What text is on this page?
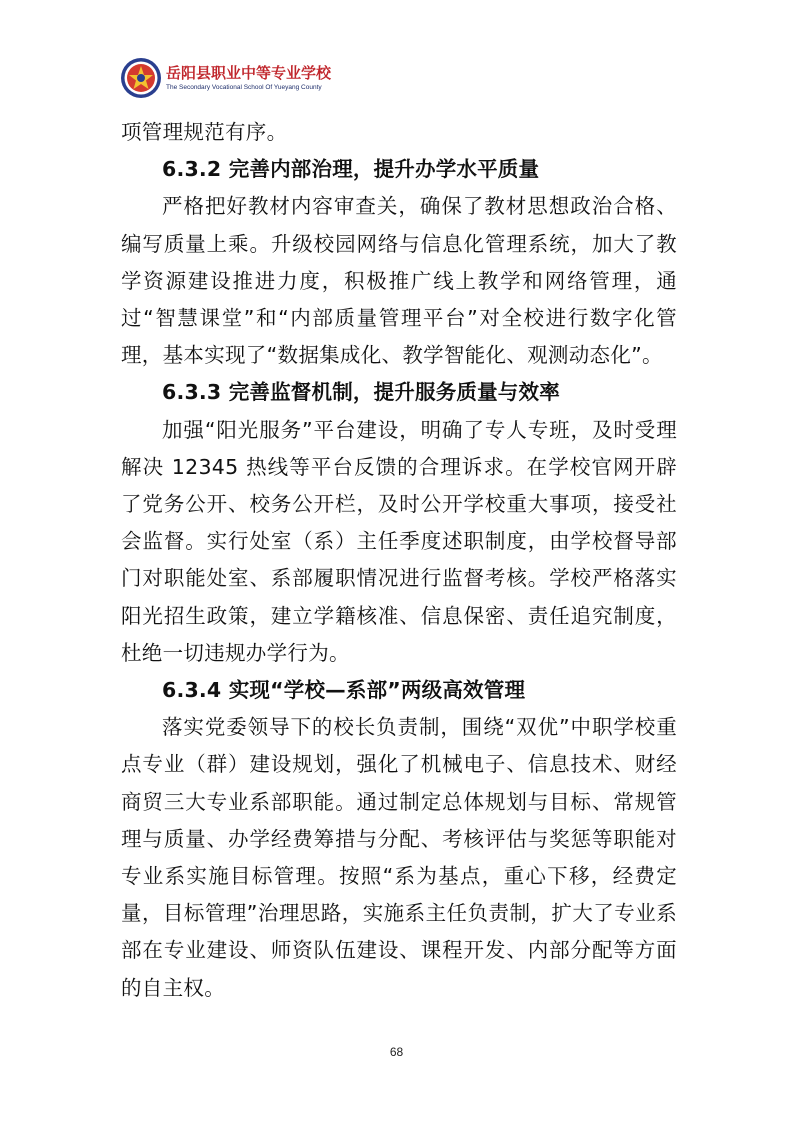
岳阳县职业中等专业学校
The Secondary Vocational School Of Yueyang County

项管理规范有序。

6.3.2 完善内部治理，提升办学水平质量

严格把好教材内容审查关，确保了教材思想政治合格、编写质量上乘。升级校园网络与信息化管理系统，加大了教学资源建设推进力度，积极推广线上教学和网络管理，通过“智慧课堂”和“内部质量管理平台”对全校进行数字化管理，基本实现了“数据集成化、教学智能化、观测动态化”。

6.3.3 完善监督机制，提升服务质量与效率

加强“阳光服务”平台建设，明确了专人专班，及时受理解决 12345 热线等平台反馈的合理诉求。在学校官网开辟了党务公开、校务公开栏，及时公开学校重大事项，接受社会监督。实行处室（系）主任季度述职制度，由学校督导部门对职能处室、系部履职情况进行监督考核。学校严格落实阳光招生政策，建立学籍核准、信息保密、责任追究制度，杜绝一切违规办学行为。

6.3.4 实现“学校—系部”两级高效管理

落实党委领导下的校长负责制，围绕“双优”中职学校重点专业（群）建设规划，强化了机械电子、信息技术、财经商贸三大专业系部职能。通过制定总体规划与目标、常规管理与质量、办学经费筹措与分配、考核评估与奖惩等职能对专业系实施目标管理。按照“系为基点，重心下移，经费定量，目标管理”治理思路，实施系主任负责制，扩大了专业系部在专业建设、师资队伍建设、课程开发、内部分配等方面的自主权。

68
